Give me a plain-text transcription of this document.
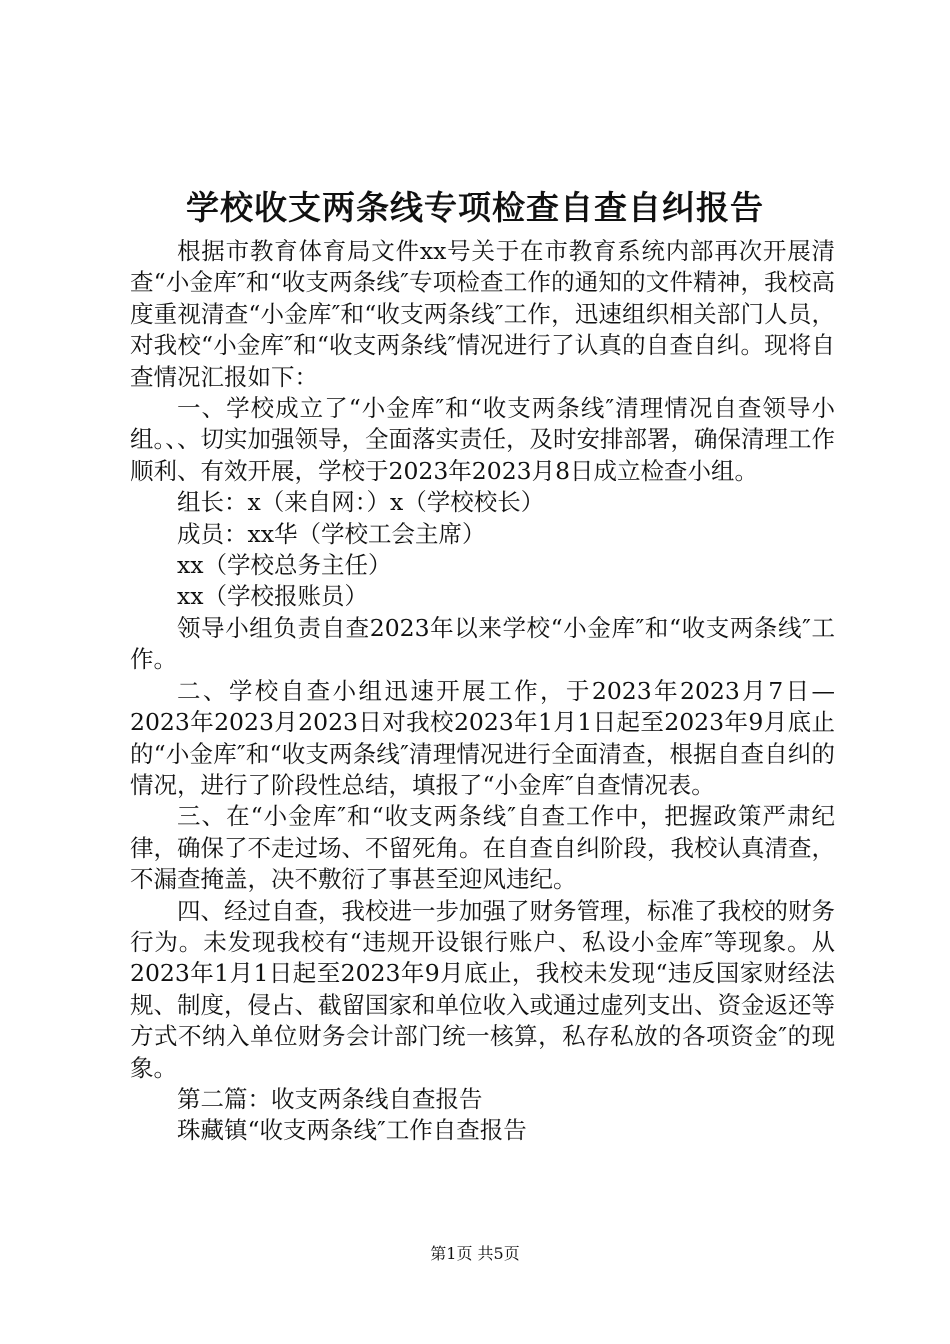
学校收支两条线专项检查自查自纠报告

根据市教育体育局文件xx号关于在市教育系统内部再次开展清查“小金库″和“收支两条线″专项检查工作的通知的文件精神，我校高度重视清查“小金库″和“收支两条线″工作，迅速组织相关部门人员，对我校“小金库″和“收支两条线″情况进行了认真的自查自纠。现将自查情况汇报如下：

一、学校成立了“小金库″和“收支两条线″清理情况自查领导小组。、、切实加强领导，全面落实责任，及时安排部署，确保清理工作顺利、有效开展，学校于2023年2023月8日成立检查小组。

组长：x（来自网：）x（学校校长）

成员：xx华（学校工会主席）

xx（学校总务主任）

xx（学校报账员）

领导小组负责自查2023年以来学校“小金库″和“收支两条线″工作。

二、学校自查小组迅速开展工作，于2023年2023月7日—2023年2023月2023日对我校2023年1月1日起至2023年9月底止的“小金库″和“收支两条线″清理情况进行全面清查，根据自查自纠的情况，进行了阶段性总结，填报了“小金库″自查情况表。

三、在“小金库″和“收支两条线″自查工作中，把握政策严肃纪律，确保了不走过场、不留死角。在自查自纠阶段，我校认真清查，不漏查掩盖，决不敷衍了事甚至迎风违纪。

四、经过自查，我校进一步加强了财务管理，标准了我校的财务行为。未发现我校有“违规开设银行账户、私设小金库″等现象。从2023年1月1日起至2023年9月底止，我校未发现“违反国家财经法规、制度，侵占、截留国家和单位收入或通过虚列支出、资金返还等方式不纳入单位财务会计部门统一核算，私存私放的各项资金″的现象。

第二篇：收支两条线自查报告

珠藏镇“收支两条线″工作自查报告

第1页 共5页
